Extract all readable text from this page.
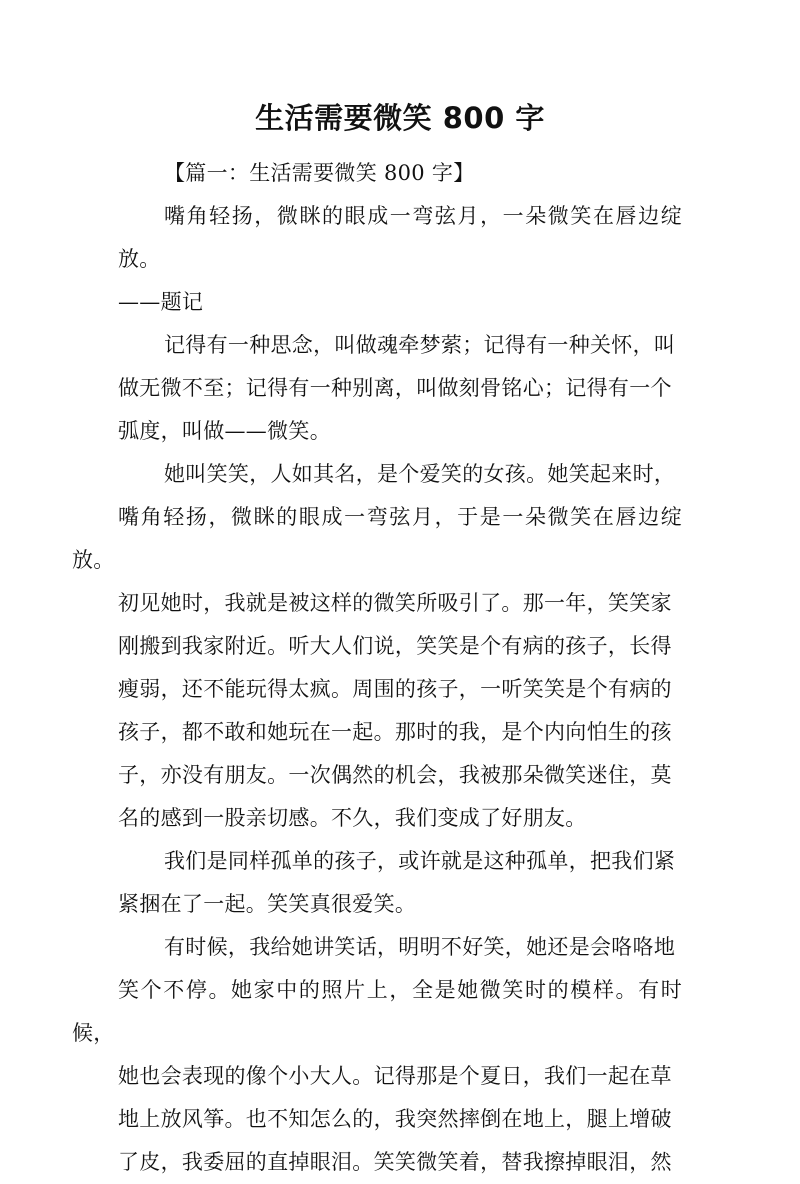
生活需要微笑 800 字
【篇一：生活需要微笑 800 字】

嘴角轻扬，微眯的眼成一弯弦月，一朵微笑在唇边绽放。
——题记

记得有一种思念，叫做魂牵梦萦；记得有一种关怀，叫
做无微不至；记得有一种别离，叫做刻骨铭心；记得有一个
弧度，叫做——微笑。

她叫笑笑，人如其名，是个爱笑的女孩。她笑起来时，
嘴角轻扬，微眯的眼成一弯弦月，于是一朵微笑在唇边绽放。
初见她时，我就是被这样的微笑所吸引了。那一年，笑笑家
刚搬到我家附近。听大人们说，笑笑是个有病的孩子，长得
瘦弱，还不能玩得太疯。周围的孩子，一听笑笑是个有病的
孩子，都不敢和她玩在一起。那时的我，是个内向怕生的孩
子，亦没有朋友。一次偶然的机会，我被那朵微笑迷住，莫
名的感到一股亲切感。不久，我们变成了好朋友。

我们是同样孤单的孩子，或许就是这种孤单，把我们紧
紧捆在了一起。笑笑真很爱笑。

有时候，我给她讲笑话，明明不好笑，她还是会咯咯地
笑个不停。她家中的照片上，全是她微笑时的模样。有时候，
她也会表现的像个小大人。记得那是个夏日，我们一起在草
地上放风筝。也不知怎么的，我突然摔倒在地上，腿上增破
了皮，我委屈的直掉眼泪。笑笑微笑着，替我擦掉眼泪，然
